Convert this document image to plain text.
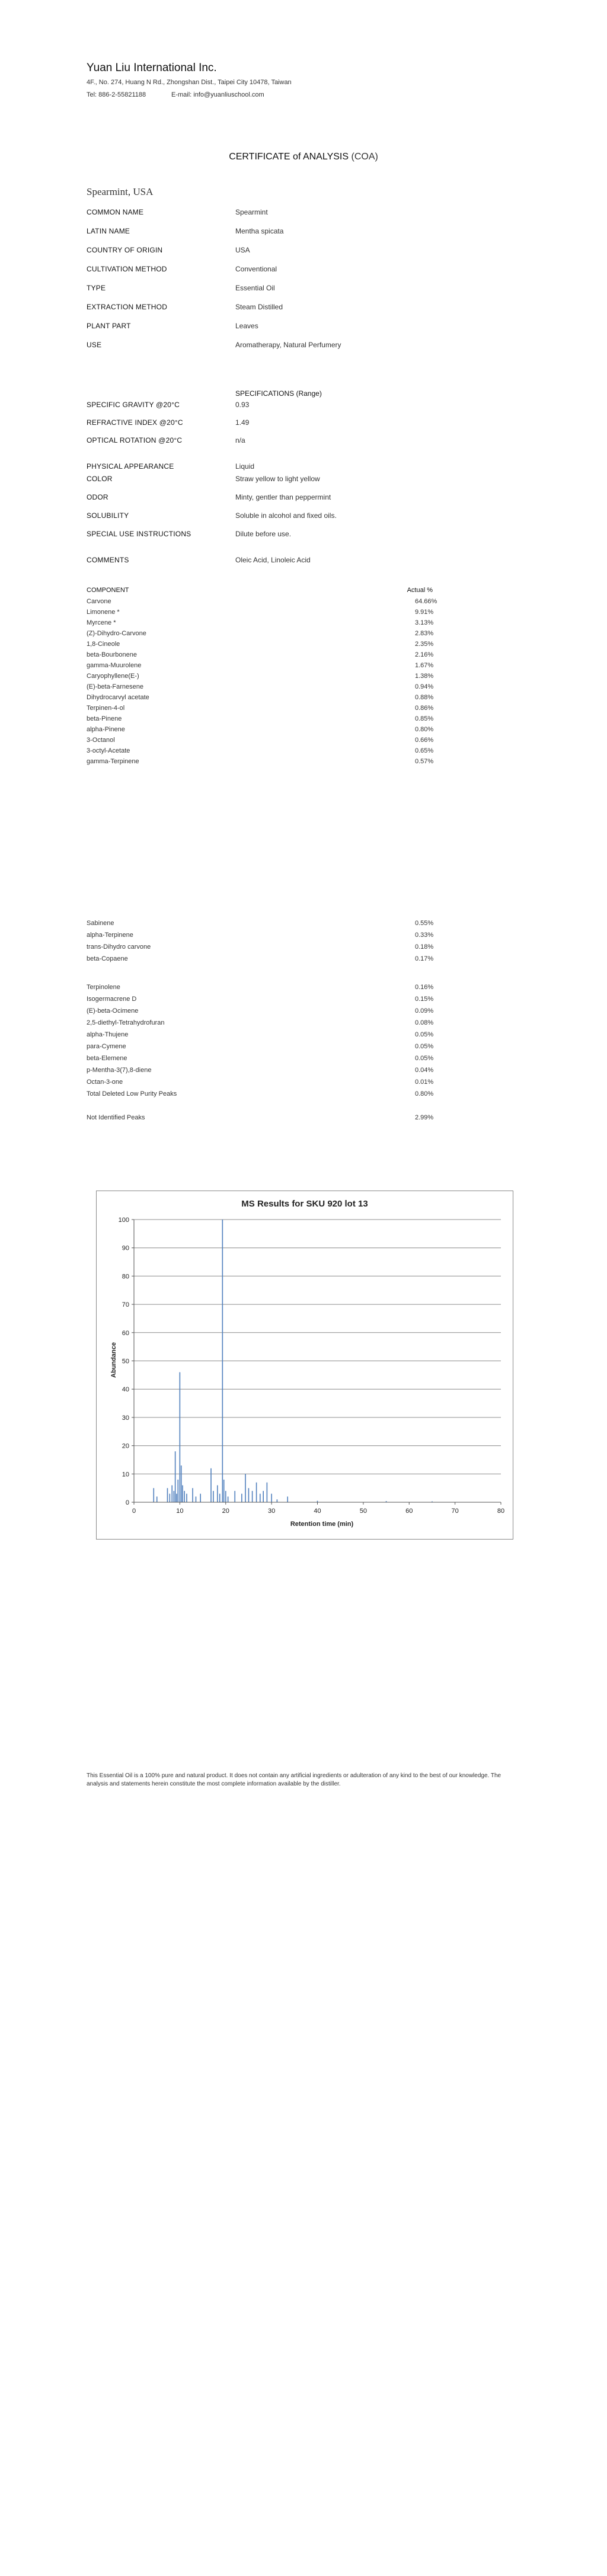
Yuan Liu International Inc.
4F., No. 274, Huang N Rd., Zhongshan Dist., Taipei City 10478, Taiwan
Tel: 886-2-55821188	E-mail: info@yuanliuschool.com
CERTIFICATE of ANALYSIS (COA)
Spearmint, USA
COMMON NAME	Spearmint
LATIN NAME	Mentha spicata
COUNTRY OF ORIGIN	USA
CULTIVATION METHOD	Conventional
TYPE	Essential Oil
EXTRACTION METHOD	Steam Distilled
PLANT PART	Leaves
USE	Aromatherapy, Natural Perfumery
SPECIFICATIONS (Range)
SPECIFIC GRAVITY @20°C	0.93
REFRACTIVE INDEX @20°C	1.49
OPTICAL ROTATION @20°C	n/a
PHYSICAL APPEARANCE	Liquid
COLOR	Straw yellow to light yellow
ODOR	Minty, gentler than peppermint
SOLUBILITY	Soluble in alcohol and fixed oils.
SPECIAL USE INSTRUCTIONS	Dilute before use.
COMMENTS	Oleic Acid, Linoleic Acid
COMPONENT	Actual %
Carvone	64.66%
Limonene *	9.91%
Myrcene *	3.13%
(Z)-Dihydro-Carvone	2.83%
1,8-Cineole	2.35%
beta-Bourbonene	2.16%
gamma-Muurolene	1.67%
Caryophyllene(E-)	1.38%
(E)-beta-Farnesene	0.94%
Dihydrocarvyl acetate	0.88%
Terpinen-4-ol	0.86%
beta-Pinene	0.85%
alpha-Pinene	0.80%
3-Octanol	0.66%
3-octyl-Acetate	0.65%
gamma-Terpinene	0.57%
Sabinene	0.55%
alpha-Terpinene	0.33%
trans-Dihydro carvone	0.18%
beta-Copaene	0.17%
Terpinolene	0.16%
Isogermacrene D	0.15%
(E)-beta-Ocimene	0.09%
2,5-diethyl-Tetrahydrofuran	0.08%
alpha-Thujene	0.05%
para-Cymene	0.05%
beta-Elemene	0.05%
p-Mentha-3(7),8-diene	0.04%
Octan-3-one	0.01%
Total Deleted Low Purity Peaks	0.80%
Not Identified Peaks	2.99%
MS Results for SKU 920 lot 13
0
10
20
30
40
50
60
70
80
90
100
0	10	20	30	40	50	60	70	80
Retention time (min)
Abundance
This Essential Oil is a 100% pure and natural product. It does not contain any artificial ingredients or adulteration of any kind to the best of our knowledge. The analysis and statements herein constitute the most complete information available by the distiller.
